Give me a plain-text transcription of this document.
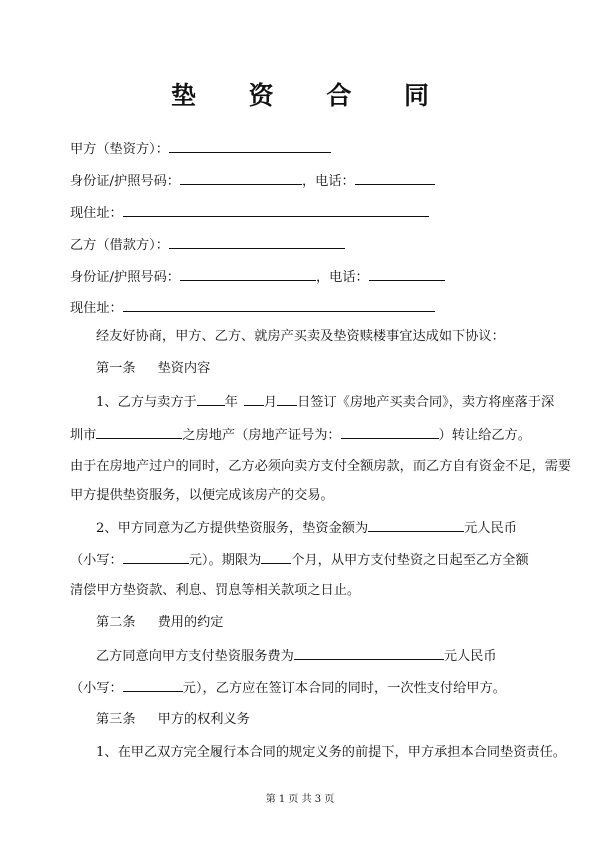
垫 资 合 同
甲方（垫资方）：
身份证/护照号码：	，电话：
现住址：
乙方（借款方）：
身份证/护照号码：	，电话：
现住址：
经友好协商，甲方、乙方、就房产买卖及垫资赎楼事宜达成如下协议：
第一条 垫资内容
1、乙方与卖方于 年 月 日签订《房地产买卖合同》，卖方将座落于深
圳市	之房地产（房地产证号为：	）转让给乙方。
由于在房地产过户的同时，乙方必须向卖方支付全额房款，而乙方自有资金不足，需要
甲方提供垫资服务，以便完成该房产的交易。
2、甲方同意为乙方提供垫资服务，垫资金额为	元人民币
（小写：	元）。期限为 个月，从甲方支付垫资之日起至乙方全额
清偿甲方垫资款、利息、罚息等相关款项之日止。
第二条 费用的约定
乙方同意向甲方支付垫资服务费为	元人民币
（小写：	元），乙方应在签订本合同的同时，一次性支付给甲方。
第三条 甲方的权利义务
1、在甲乙双方完全履行本合同的规定义务的前提下，甲方承担本合同垫资责任。
第 1 页 共 3 页
